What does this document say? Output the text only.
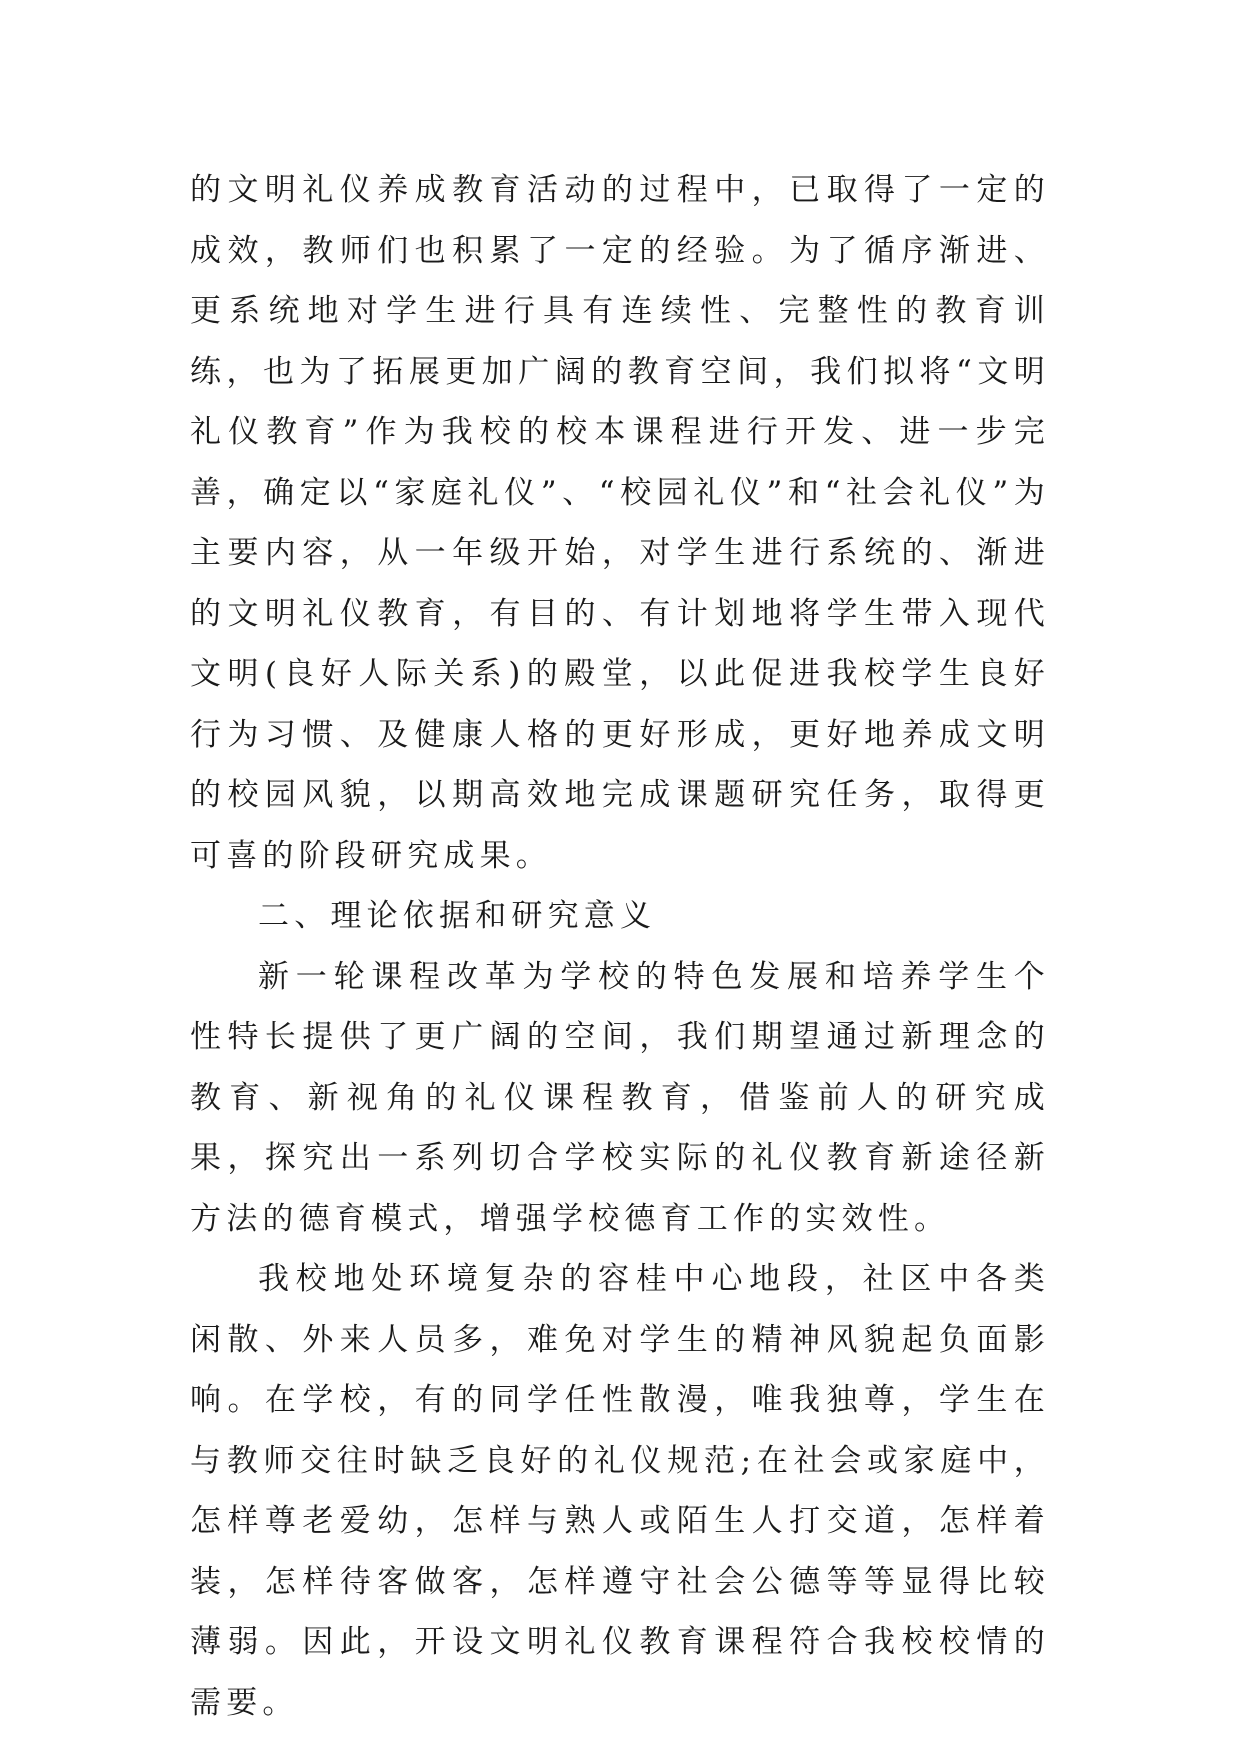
的文明礼仪养成教育活动的过程中，已取得了一定的成效，教师们也积累了一定的经验。为了循序渐进、更系统地对学生进行具有连续性、完整性的教育训练，也为了拓展更加广阔的教育空间，我们拟将“文明礼仪教育”作为我校的校本课程进行开发、进一步完善，确定以“家庭礼仪”、“校园礼仪”和“社会礼仪”为主要内容，从一年级开始，对学生进行系统的、渐进的文明礼仪教育，有目的、有计划地将学生带入现代文明(良好人际关系)的殿堂，以此促进我校学生良好行为习惯、及健康人格的更好形成，更好地养成文明的校园风貌，以期高效地完成课题研究任务，取得更可喜的阶段研究成果。

二、理论依据和研究意义

新一轮课程改革为学校的特色发展和培养学生个性特长提供了更广阔的空间，我们期望通过新理念的教育、新视角的礼仪课程教育，借鉴前人的研究成果，探究出一系列切合学校实际的礼仪教育新途径新方法的德育模式，增强学校德育工作的实效性。

我校地处环境复杂的容桂中心地段，社区中各类闲散、外来人员多，难免对学生的精神风貌起负面影响。在学校，有的同学任性散漫，唯我独尊，学生在与教师交往时缺乏良好的礼仪规范;在社会或家庭中，怎样尊老爱幼，怎样与熟人或陌生人打交道，怎样着装，怎样待客做客，怎样遵守社会公德等等显得比较薄弱。因此，开设文明礼仪教育课程符合我校校情的需要。
